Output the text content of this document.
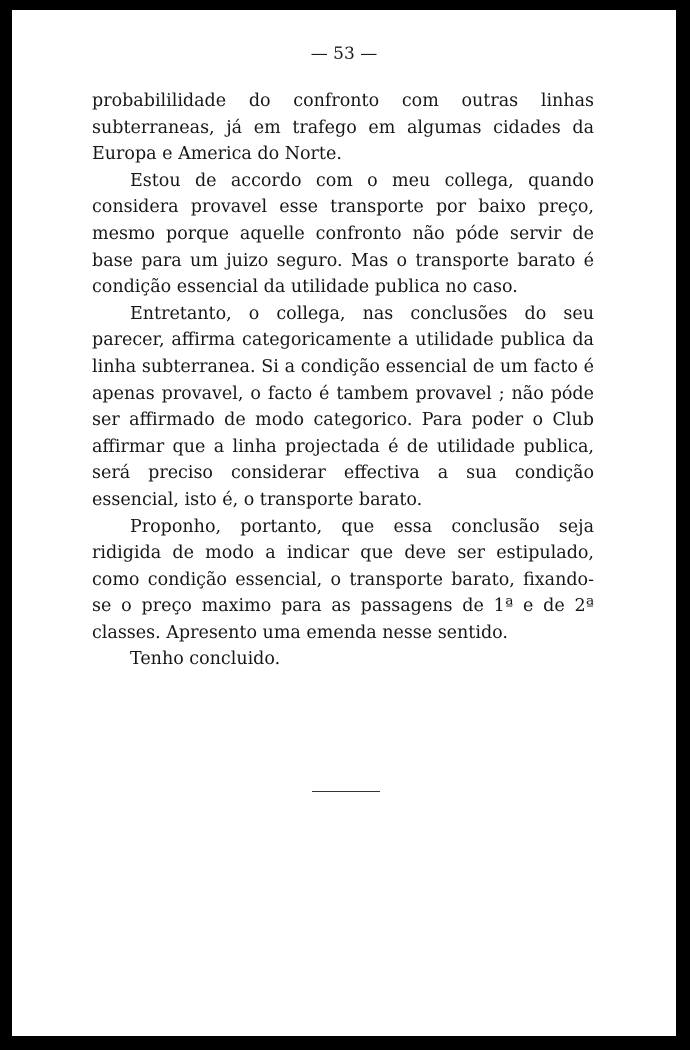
— 53 —

probabililidade do confronto com outras linhas subterraneas, já em trafego em algumas cidades da Europa e America do Norte.

Estou de accordo com o meu collega, quando considera provavel esse transporte por baixo preço, mesmo porque aquelle confronto não póde servir de base para um juizo seguro. Mas o transporte barato é condição essencial da utilidade publica no caso.

Entretanto, o collega, nas conclusões do seu parecer, affirma categoricamente a utilidade publica da linha subterranea. Si a condição essencial de um facto é apenas provavel, o facto é tambem provavel ; não póde ser affirmado de modo categorico. Para poder o Club affirmar que a linha projectada é de utilidade publica, será preciso considerar effectiva a sua condição essencial, isto é, o transporte barato.

Proponho, portanto, que essa conclusão seja ridigida de modo a indicar que deve ser estipulado, como condição essencial, o transporte barato, fixando-se o preço maximo para as passagens de 1ª e de 2ª classes. Apresento uma emenda nesse sentido.

Tenho concluido.
